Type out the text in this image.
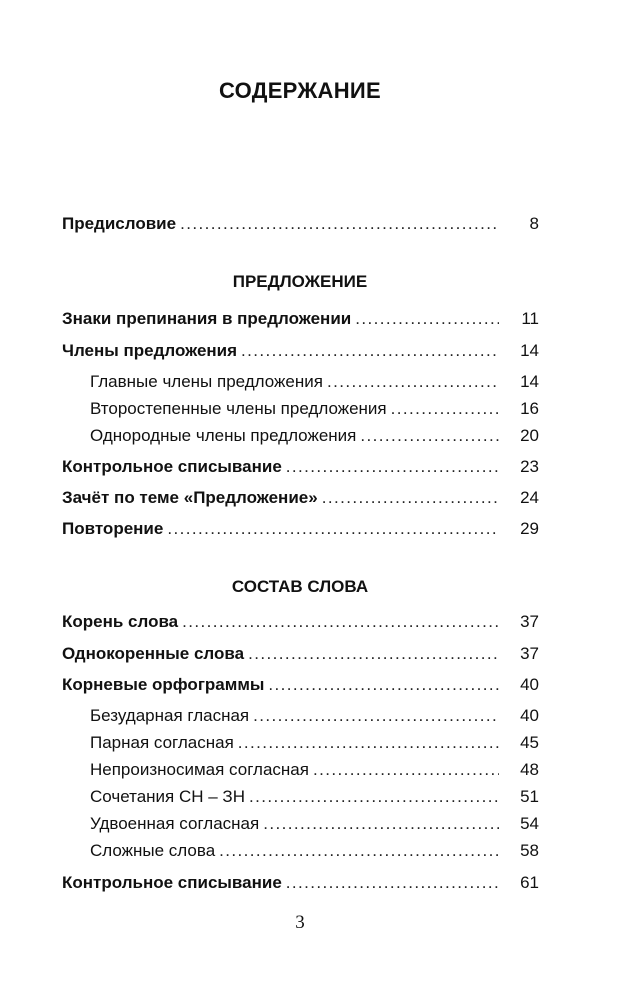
СОДЕРЖАНИЕ
Предисловие .....	8
ПРЕДЛОЖЕНИЕ
Знаки препинания в предложении .....	11
Члены предложения .....	14
Главные члены предложения .....	14
Второстепенные члены предложения .....	16
Однородные члены предложения .....	20
Контрольное списывание .....	23
Зачёт по теме «Предложение» .....	24
Повторение .....	29
СОСТАВ СЛОВА
Корень слова .....	37
Однокоренные слова .....	37
Корневые орфограммы .....	40
Безударная гласная .....	40
Парная согласная .....	45
Непроизносимая согласная .....	48
Сочетания СН – ЗН .....	51
Удвоенная согласная .....	54
Сложные слова .....	58
Контрольное списывание .....	61
3
